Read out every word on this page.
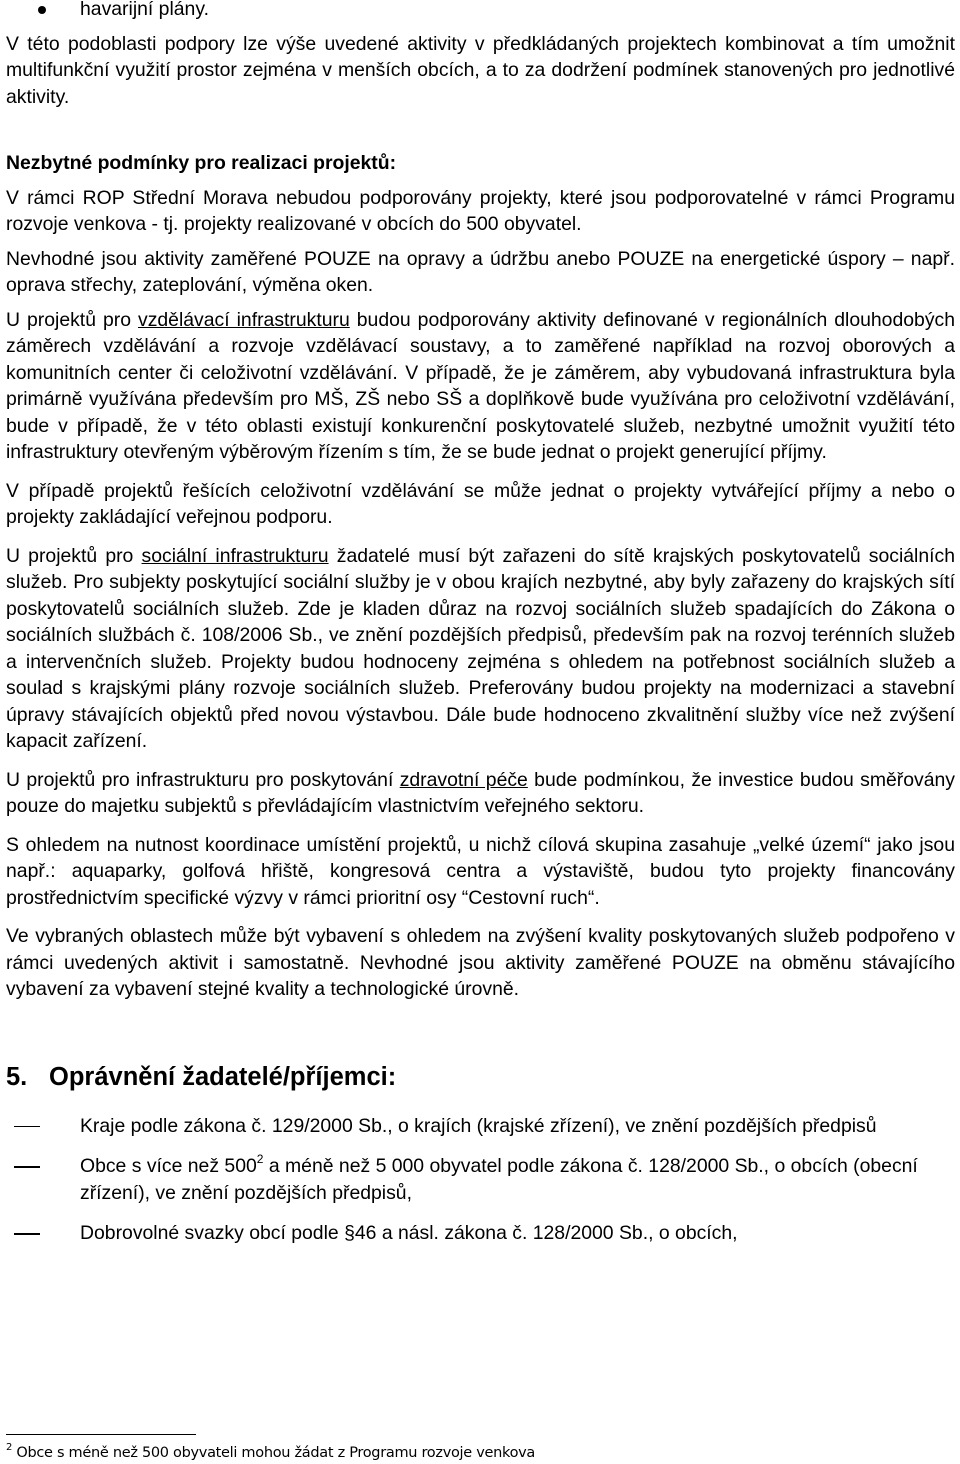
havarijní plány.

V této podoblasti podpory lze výše uvedené aktivity v předkládaných projektech kombinovat a tím umožnit multifunkční využití prostor zejména v menších obcích, a to za dodržení podmínek stanovených pro jednotlivé aktivity.

Nezbytné podmínky pro realizaci projektů:

V rámci ROP Střední Morava nebudou podporovány projekty, které jsou podporovatelné v rámci Programu rozvoje venkova - tj. projekty realizované v obcích do 500 obyvatel.

Nevhodné jsou aktivity zaměřené POUZE na opravy a údržbu anebo POUZE na energetické úspory – např. oprava střechy, zateplování, výměna oken.

U projektů pro vzdělávací infrastrukturu budou podporovány aktivity definované v regionálních dlouhodobých záměrech vzdělávání a rozvoje vzdělávací soustavy, a to zaměřené například na rozvoj oborových a komunitních center či celoživotní vzdělávání. V případě, že je záměrem, aby vybudovaná infrastruktura byla primárně využívána především pro MŠ, ZŠ nebo SŠ a doplňkově bude využívána pro celoživotní vzdělávání, bude v případě, že v této oblasti existují konkurenční poskytovatelé služeb, nezbytné umožnit využití této infrastruktury otevřeným výběrovým řízením s tím, že se bude jednat o projekt generující příjmy.

V případě projektů řešících celoživotní vzdělávání se může jednat o projekty vytvářející příjmy a nebo o projekty zakládající veřejnou podporu.

U projektů pro sociální infrastrukturu žadatelé musí být zařazeni do sítě krajských poskytovatelů sociálních služeb. Pro subjekty poskytující sociální služby je v obou krajích nezbytné, aby byly zařazeny do krajských sítí poskytovatelů sociálních služeb. Zde je kladen důraz na rozvoj sociálních služeb spadajících do Zákona o sociálních službách č. 108/2006 Sb., ve znění pozdějších předpisů, především pak na rozvoj terénních služeb a intervenčních služeb. Projekty budou hodnoceny zejména s ohledem na potřebnost sociálních služeb a soulad s krajskými plány rozvoje sociálních služeb. Preferovány budou projekty na modernizaci a stavební úpravy stávajících objektů před novou výstavbou. Dále bude hodnoceno zkvalitnění služby více než zvýšení kapacit zařízení.

U projektů pro infrastrukturu pro poskytování zdravotní péče bude podmínkou, že investice budou směřovány pouze do majetku subjektů s převládajícím vlastnictvím veřejného sektoru.

S ohledem na nutnost koordinace umístění projektů, u nichž cílová skupina zasahuje „velké území“ jako jsou např.: aquaparky, golfová hřiště, kongresová centra a výstaviště, budou tyto projekty financovány prostřednictvím specifické výzvy v rámci prioritní osy “Cestovní ruch“.

Ve vybraných oblastech může být vybavení s ohledem na zvýšení kvality poskytovaných služeb podpořeno v rámci uvedených aktivit i samostatně. Nevhodné jsou aktivity zaměřené POUZE na obměnu stávajícího vybavení za vybavení stejné kvality a technologické úrovně.

5. Oprávnění žadatelé/příjemci:
Kraje podle zákona č. 129/2000 Sb., o krajích (krajské zřízení), ve znění pozdějších předpisů
Obce s více než $500^2$ a méně než 5 000 obyvatel podle zákona č. 128/2000 Sb., o obcích (obecní zřízení), ve znění pozdějších předpisů,
Dobrovolné svazky obcí podle §46 a násl. zákona č. 128/2000 Sb., o obcích,
$^2$ Obce s méně než 500 obyvateli mohou žádat z Programu rozvoje venkova
